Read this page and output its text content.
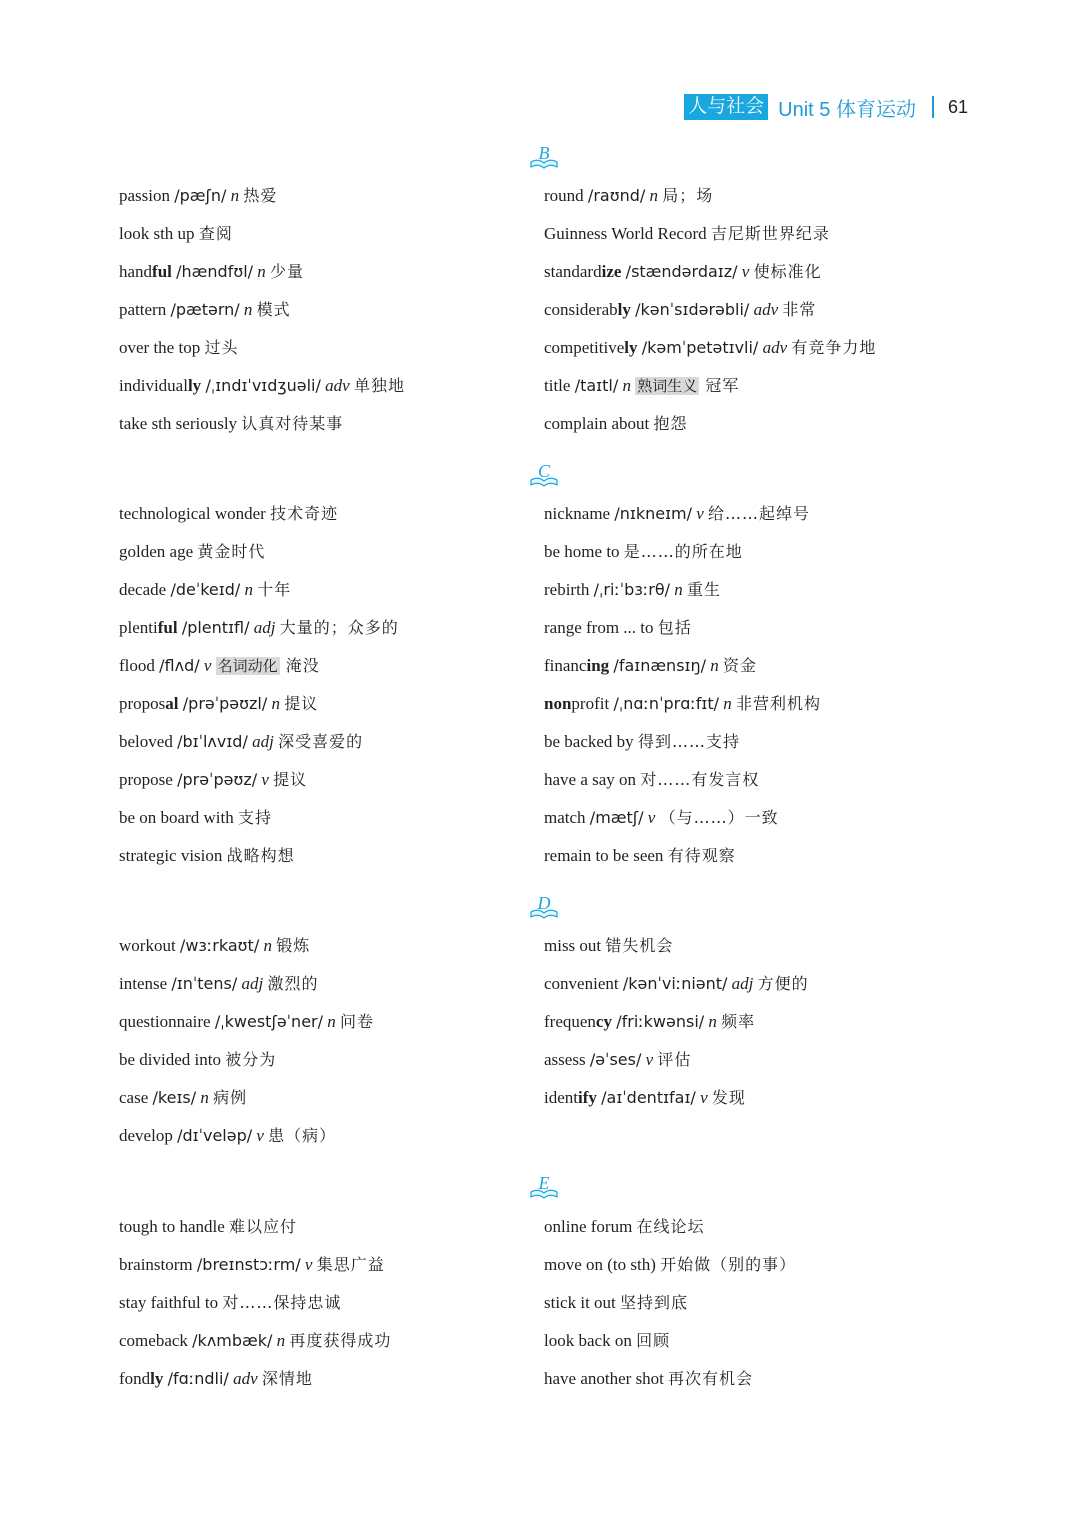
人与社会 Unit 5 体育运动 61
passion /pæʃn/ n 热爱
look sth up 查阅
handful /hændfʊl/ n 少量
pattern /pætərn/ n 模式
over the top 过头
individually /ˌɪndɪˈvɪdʒuəli/ adv 单独地
take sth seriously 认真对待某事
technological wonder 技术奇迹
golden age 黄金时代
decade /deˈkeɪd/ n 十年
plentiful /plentɪfl/ adj 大量的；众多的
flood /flʌd/ v 名词动化 淹没
proposal /prəˈpəʊzl/ n 提议
beloved /bɪˈlʌvɪd/ adj 深受喜爱的
propose /prəˈpəʊz/ v 提议
be on board with 支持
strategic vision 战略构想
workout /wɜːrkaʊt/ n 锻炼
intense /ɪnˈtens/ adj 激烈的
questionnaire /ˌkwestʃəˈner/ n 问卷
be divided into 被分为
case /keɪs/ n 病例
develop /dɪˈveləp/ v 患（病）
tough to handle 难以应付
brainstorm /breɪnstɔːrm/ v 集思广益
stay faithful to 对……保持忠诚
comeback /kʌmbæk/ n 再度获得成功
fondly /fɑːndli/ adv 深情地
B
round /raʊnd/ n 局；场
Guinness World Record 吉尼斯世界纪录
standardize /stændərdaɪz/ v 使标准化
considerably /kənˈsɪdərəbli/ adv 非常
competitively /kəmˈpetətɪvli/ adv 有竞争力地
title /taɪtl/ n 熟词生义 冠军
complain about 抱怨
C
nickname /nɪkneɪm/ v 给……起绰号
be home to 是……的所在地
rebirth /ˌriːˈbɜːrθ/ n 重生
range from ... to 包括
financing /faɪnænsɪŋ/ n 资金
nonprofit /ˌnɑːnˈprɑːfɪt/ n 非营利机构
be backed by 得到……支持
have a say on 对……有发言权
match /mætʃ/ v （与……）一致
remain to be seen 有待观察
D
miss out 错失机会
convenient /kənˈviːniənt/ adj 方便的
frequency /friːkwənsi/ n 频率
assess /əˈses/ v 评估
identify /aɪˈdentɪfaɪ/ v 发现
E
online forum 在线论坛
move on (to sth) 开始做（别的事）
stick it out 坚持到底
look back on 回顾
have another shot 再次有机会
